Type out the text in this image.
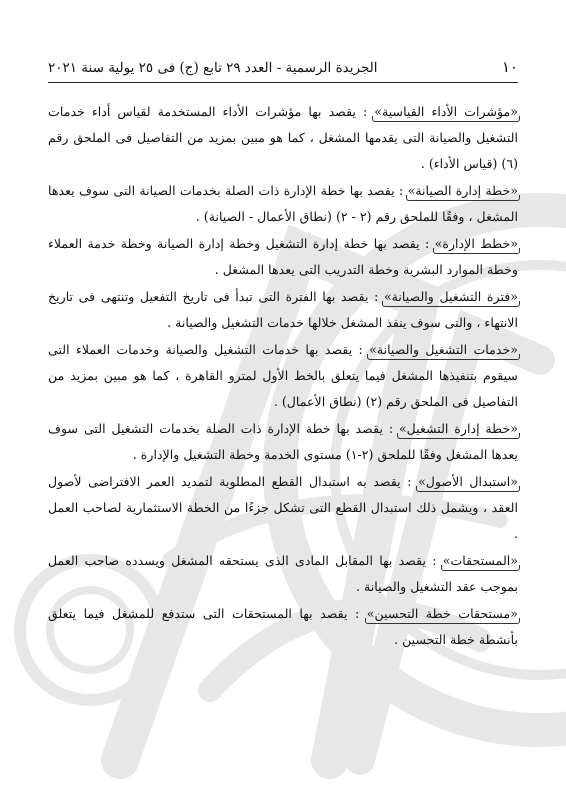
١٠
الجريدة الرسمية - العدد ٢٩ تابع (ج) فى ٢٥ يولية سنة ٢٠٢١

«مؤشرات الأداء القياسية» : يقصد بها مؤشرات الأداء المستخدمة لقياس أداء خدمات التشغيل والصيانة التى يقدمها المشغل ، كما هو مبين بمزيد من التفاصيل فى الملحق رقم (٦) (قياس الأداء) .

«خطة إدارة الصيانة» : يقصد بها خطة الإدارة ذات الصلة بخدمات الصيانة التى سوف يعدها المشغل ، وفقًا للملحق رقم (٢ - ٢) (نطاق الأعمال - الصيانة) .

«خطط الإدارة» : يقصد بها خطة إدارة التشغيل وخطة إدارة الصيانة وخطة خدمة العملاء وخطة الموارد البشرية وخطة التدريب التى يعدها المشغل .

«فترة التشغيل والصيانة» : يقصد بها الفترة التى تبدأ فى تاريخ التفعيل وتنتهى فى تاريخ الانتهاء ، والتى سوف ينفذ المشغل خلالها خدمات التشغيل والصيانة .

«خدمات التشغيل والصيانة» : يقصد بها خدمات التشغيل والصيانة وخدمات العملاء التى سيقوم بتنفيذها المشغل فيما يتعلق بالخط الأول لمترو القاهرة ، كما هو مبين بمزيد من التفاصيل فى الملحق رقم (٢) (نطاق الأعمال) .

«خطة إدارة التشغيل» : يقصد بها خطة الإدارة ذات الصلة بخدمات التشغيل التى سوف يعدها المشغل وفقًا للملحق (٢-١) مستوى الخدمة وخطة التشغيل والإدارة .

«استبدال الأصول» : يقصد به استبدال القطع المطلوبة لتمديد العمر الافتراضى لأصول العقد ، ويشمل ذلك استبدال القطع التى تشكل جزءًا من الخطة الاستثمارية لصاحب العمل .

«المستحقات» : يقصد بها المقابل المادى الذى يستحقه المشغل ويسدده صاحب العمل بموجب عقد التشغيل والصيانة .

«مستحقات خطة التحسين» : يقصد بها المستحقات التى ستدفع للمشغل فيما يتعلق بأنشطة خطة التحسين .
